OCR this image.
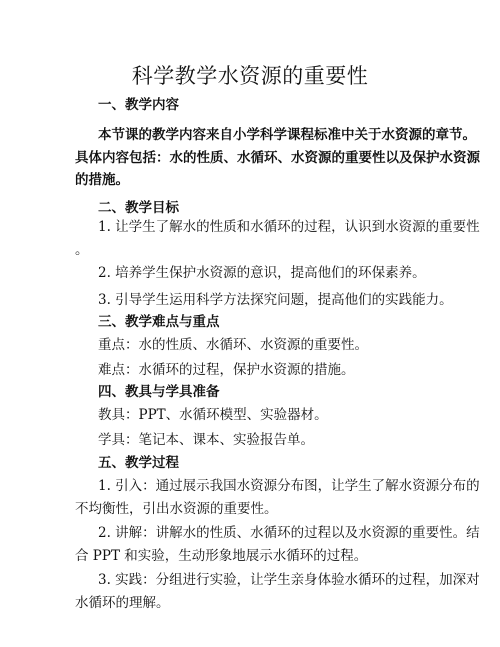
科学教学水资源的重要性
一、教学内容
本节课的教学内容来自小学科学课程标准中关于水资源的章节。
具体内容包括：水的性质、水循环、水资源的重要性以及保护水资源
的措施。
二、教学目标
1. 让学生了解水的性质和水循环的过程，认识到水资源的重要性
。
2. 培养学生保护水资源的意识，提高他们的环保素养。
3. 引导学生运用科学方法探究问题，提高他们的实践能力。
三、教学难点与重点
重点：水的性质、水循环、水资源的重要性。
难点：水循环的过程，保护水资源的措施。
四、教具与学具准备
教具：PPT、水循环模型、实验器材。
学具：笔记本、课本、实验报告单。
五、教学过程
1. 引入：通过展示我国水资源分布图，让学生了解水资源分布的
不均衡性，引出水资源的重要性。
2. 讲解：讲解水的性质、水循环的过程以及水资源的重要性。结
合 PPT 和实验，生动形象地展示水循环的过程。
3. 实践：分组进行实验，让学生亲身体验水循环的过程，加深对
水循环的理解。
